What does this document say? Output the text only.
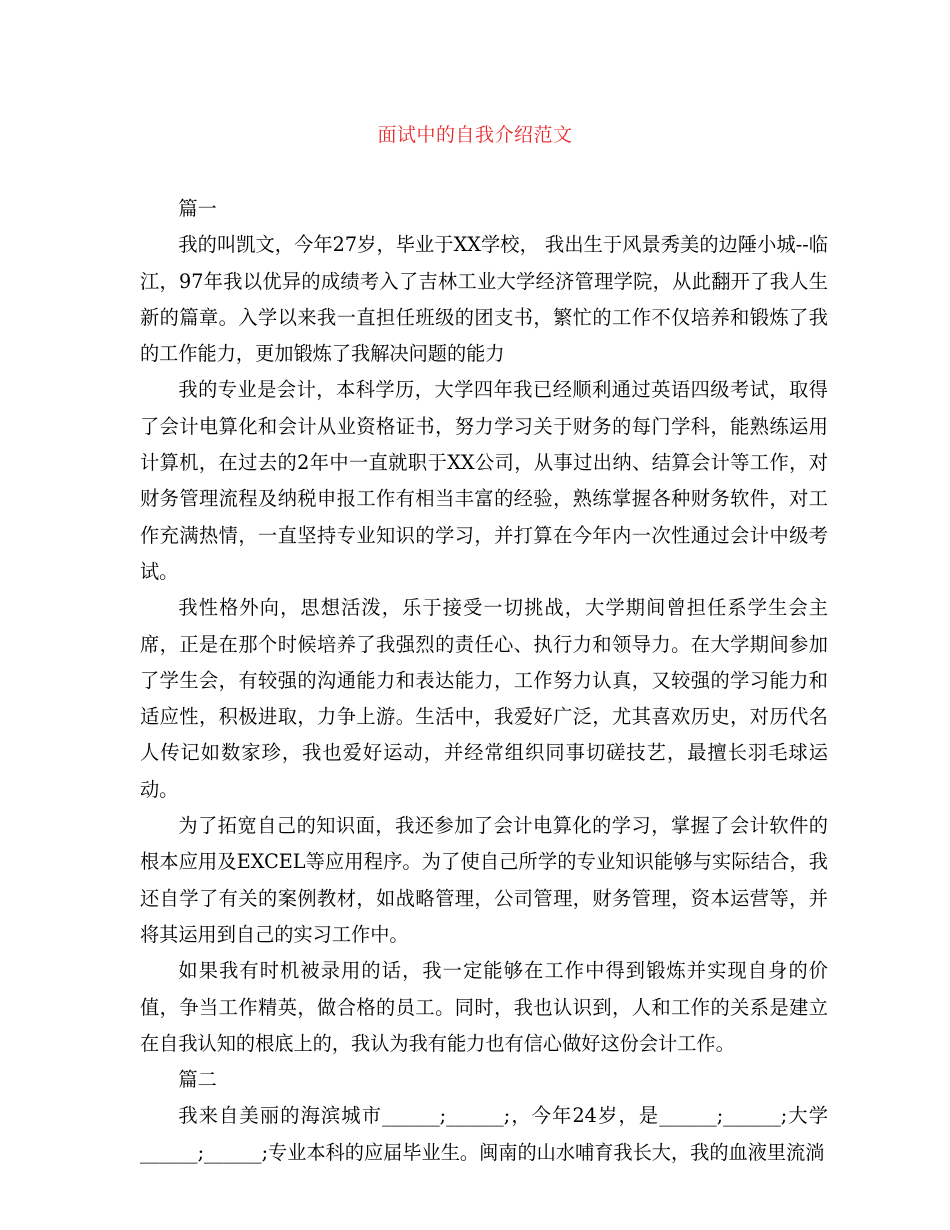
面试中的自我介绍范文

篇一

我的叫凯文，今年27岁，毕业于XX学校， 我出生于风景秀美的边陲小城--临江，97年我以优异的成绩考入了吉林工业大学经济管理学院，从此翻开了我人生新的篇章。入学以来我一直担任班级的团支书，繁忙的工作不仅培养和锻炼了我的工作能力，更加锻炼了我解决问题的能力

我的专业是会计，本科学历，大学四年我已经顺利通过英语四级考试，取得了会计电算化和会计从业资格证书，努力学习关于财务的每门学科，能熟练运用计算机，在过去的2年中一直就职于XX公司，从事过出纳、结算会计等工作，对财务管理流程及纳税申报工作有相当丰富的经验，熟练掌握各种财务软件，对工作充满热情，一直坚持专业知识的学习，并打算在今年内一次性通过会计中级考试。

我性格外向，思想活泼，乐于接受一切挑战，大学期间曾担任系学生会主席，正是在那个时候培养了我强烈的责任心、执行力和领导力。在大学期间参加了学生会，有较强的沟通能力和表达能力，工作努力认真，又较强的学习能力和适应性，积极进取，力争上游。生活中，我爱好广泛，尤其喜欢历史，对历代名人传记如数家珍，我也爱好运动，并经常组织同事切磋技艺，最擅长羽毛球运动。

为了拓宽自己的知识面，我还参加了会计电算化的学习，掌握了会计软件的根本应用及EXCEL等应用程序。为了使自己所学的专业知识能够与实际结合，我还自学了有关的案例教材，如战略管理，公司管理，财务管理，资本运营等，并将其运用到自己的实习工作中。

如果我有时机被录用的话，我一定能够在工作中得到锻炼并实现自身的价值，争当工作精英，做合格的员工。同时，我也认识到，人和工作的关系是建立在自我认知的根底上的，我认为我有能力也有信心做好这份会计工作。

篇二

我来自美丽的海滨城市______;______;，今年24岁，是______;______;大学______;______;专业本科的应届毕业生。闽南的山水哺育我长大，我的血液里流淌
